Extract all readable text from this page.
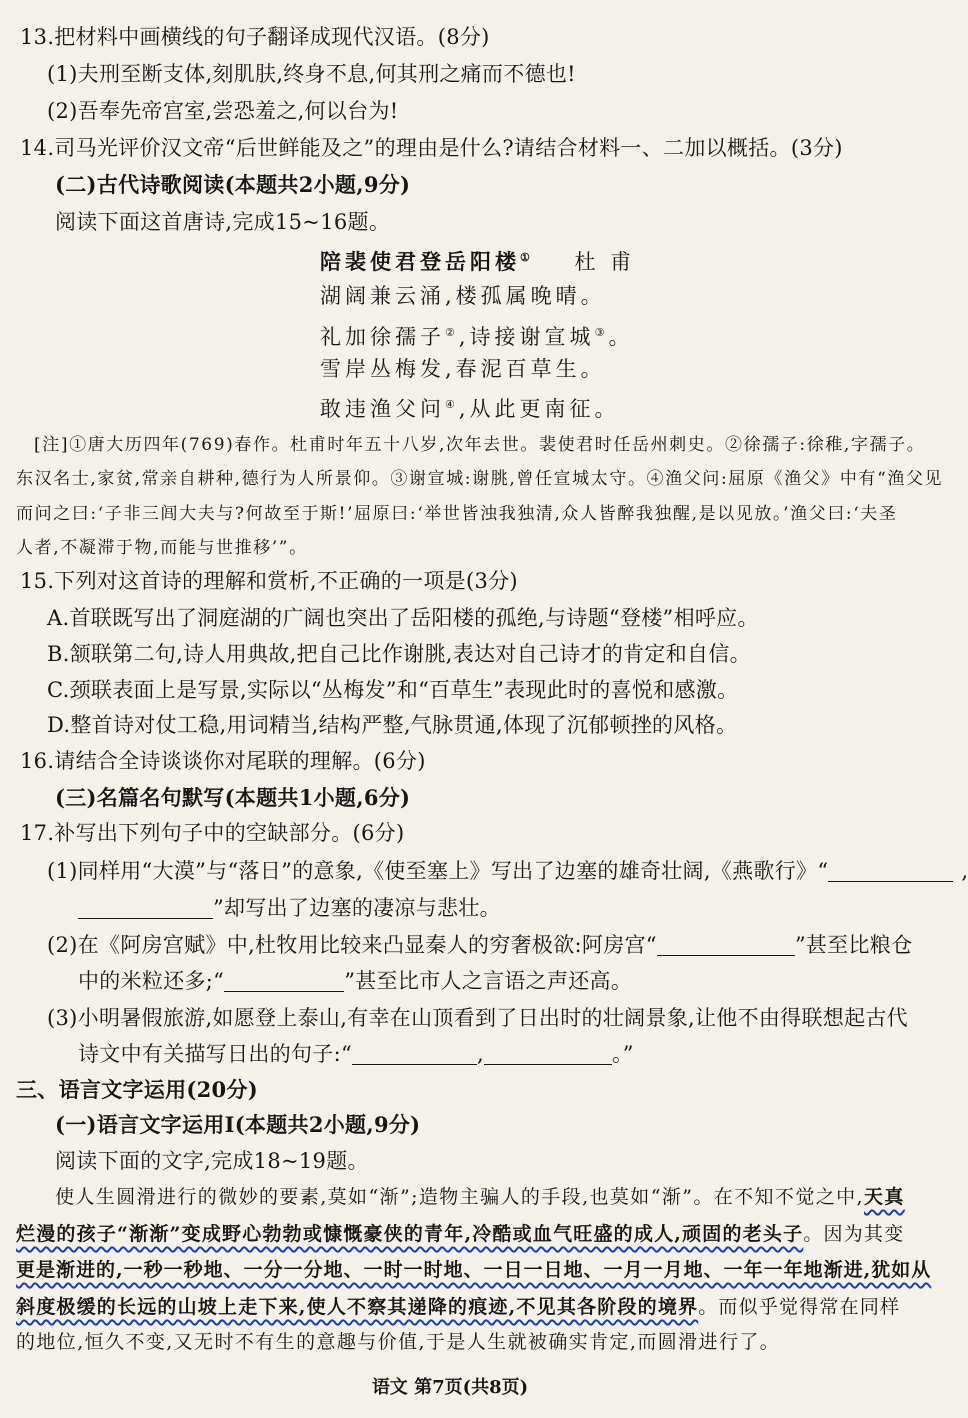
13.把材料中画横线的句子翻译成现代汉语。(8分)
(1)夫刑至断支体,刻肌肤,终身不息,何其刑之痛而不德也!
(2)吾奉先帝宫室,尝恐羞之,何以台为!
14.司马光评价汉文帝“后世鲜能及之”的理由是什么?请结合材料一、二加以概括。(3分)
(二)古代诗歌阅读(本题共2小题,9分)
阅读下面这首唐诗,完成15~16题。
陪裴使君登岳阳楼① 杜 甫
湖阔兼云涌,楼孤属晚晴。
礼加徐孺子②,诗接谢宣城③。
雪岸丛梅发,春泥百草生。
敢违渔父问④,从此更南征。
[注]①唐大历四年(769)春作。杜甫时年五十八岁,次年去世。裴使君时任岳州刺史。②徐孺子:徐稚,字孺子。
东汉名士,家贫,常亲自耕种,德行为人所景仰。③谢宣城:谢朓,曾任宣城太守。④渔父问:屈原《渔父》中有“渔父见
而问之曰:‘子非三闾大夫与?何故至于斯!’屈原曰:‘举世皆浊我独清,众人皆醉我独醒,是以见放。’渔父曰:‘夫圣
人者,不凝滞于物,而能与世推移’”。
15.下列对这首诗的理解和赏析,不正确的一项是(3分)
A.首联既写出了洞庭湖的广阔也突出了岳阳楼的孤绝,与诗题“登楼”相呼应。
B.颔联第二句,诗人用典故,把自己比作谢朓,表达对自己诗才的肯定和自信。
C.颈联表面上是写景,实际以“丛梅发”和“百草生”表现此时的喜悦和感激。
D.整首诗对仗工稳,用词精当,结构严整,气脉贯通,体现了沉郁顿挫的风格。
16.请结合全诗谈谈你对尾联的理解。(6分)
(三)名篇名句默写(本题共1小题,6分)
17.补写出下列句子中的空缺部分。(6分)
(1)同样用“大漠”与“落日”的意象,《使至塞上》写出了边塞的雄奇壮阔,《燕歌行》“	,
”却写出了边塞的凄凉与悲壮。
(2)在《阿房宫赋》中,杜牧用比较来凸显秦人的穷奢极欲:阿房宫“	”甚至比粮仓
中的米粒还多;“	”甚至比市人之言语之声还高。
(3)小明暑假旅游,如愿登上泰山,有幸在山顶看到了日出时的壮阔景象,让他不由得联想起古代
诗文中有关描写日出的句子:“	,	。”
三、语言文字运用(20分)
(一)语言文字运用Ⅰ(本题共2小题,9分)
阅读下面的文字,完成18~19题。
使人生圆滑进行的微妙的要素,莫如“渐”;造物主骗人的手段,也莫如“渐”。在不知不觉之中,天真
烂漫的孩子“渐渐”变成野心勃勃或慷慨豪侠的青年,冷酷或血气旺盛的成人,顽固的老头子。因为其变
更是渐进的,一秒一秒地、一分一分地、一时一时地、一日一日地、一月一月地、一年一年地渐进,犹如从
斜度极缓的长远的山坡上走下来,使人不察其递降的痕迹,不见其各阶段的境界。而似乎觉得常在同样
的地位,恒久不变,又无时不有生的意趣与价值,于是人生就被确实肯定,而圆滑进行了。
语文 第7页(共8页)
